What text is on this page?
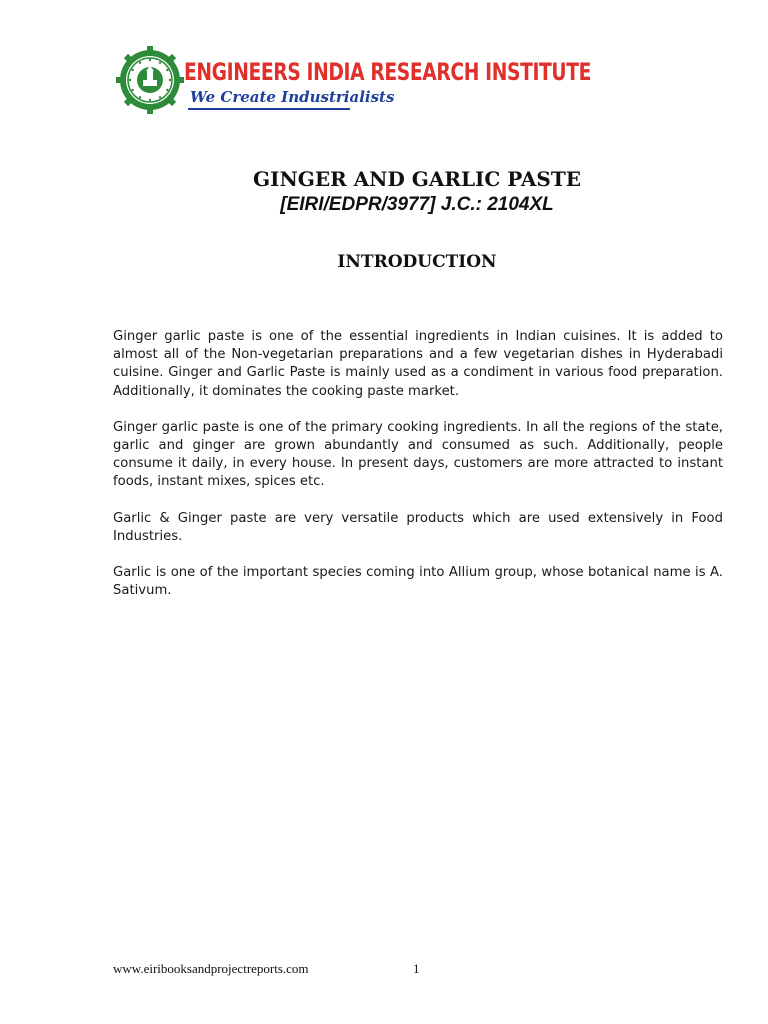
ENGINEERS INDIA RESEARCH INSTITUTE
We Create Industrialists
GINGER AND GARLIC PASTE
[EIRI/EDPR/3977] J.C.: 2104XL
INTRODUCTION

Ginger garlic paste is one of the essential ingredients in Indian cuisines. It is added to almost all of the Non-vegetarian preparations and a few vegetarian dishes in Hyderabadi cuisine. Ginger and Garlic Paste is mainly used as a condiment in various food preparation. Additionally, it dominates the cooking paste market.

Ginger garlic paste is one of the primary cooking ingredients. In all the regions of the state, garlic and ginger are grown abundantly and consumed as such. Additionally, people consume it daily, in every house. In present days, customers are more attracted to instant foods, instant mixes, spices etc.

Garlic & Ginger paste are very versatile products which are used extensively in Food Industries.

Garlic is one of the important species coming into Allium group, whose botanical name is A. Sativum.

www.eiribooksandprojectreports.com	1
